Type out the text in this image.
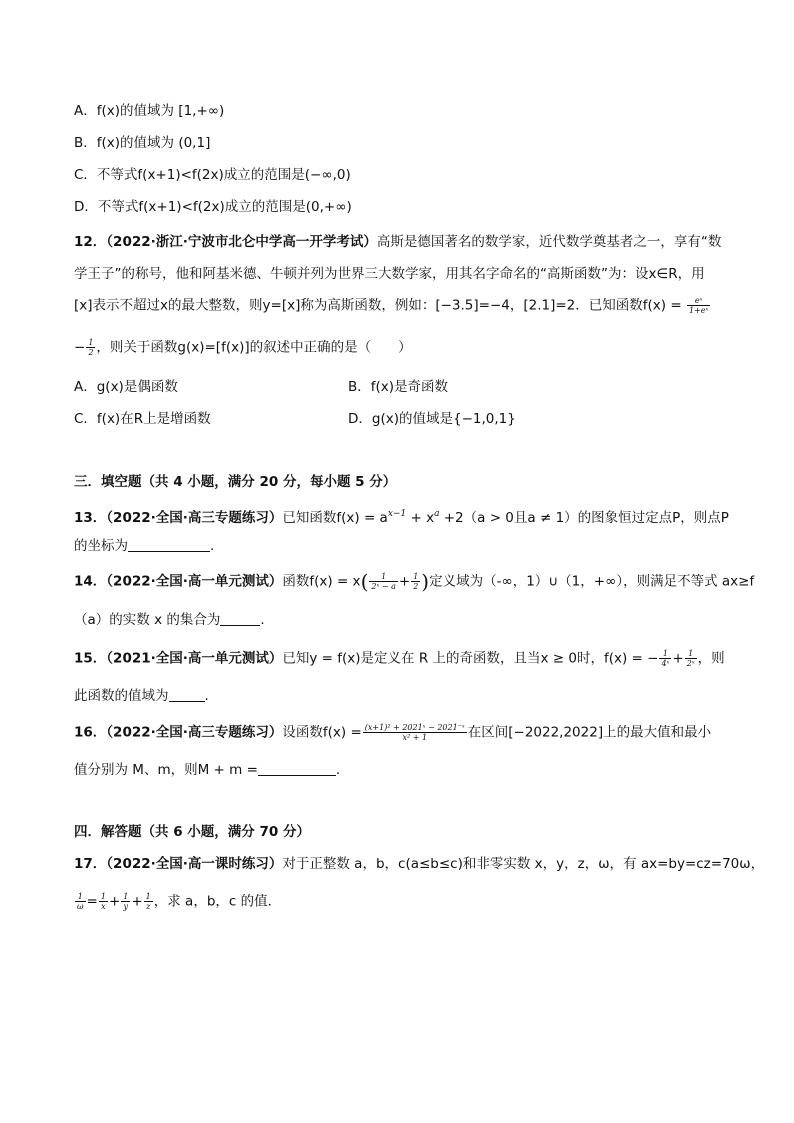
A．f(x)的值域为 [1,+∞)
B．f(x)的值域为 (0,1]
C．不等式f(x+1)<f(2x)成立的范围是(−∞,0)
D．不等式f(x+1)<f(2x)成立的范围是(0,+∞)
12．（2022·浙江·宁波市北仑中学高一开学考试）高斯是德国著名的数学家，近代数学奠基者之一，享有“数
学王子”的称号，他和阿基米德、牛顿并列为世界三大数学家，用其名字命名的“高斯函数”为：设x∈R，用
[x]表示不超过x的最大整数，则y=[x]称为高斯函数，例如：[−3.5]=−4，[2.1]=2．已知函数$f(x) = \frac{\text{eˣ}}{\text{1+eˣ}}$
− $\frac{1}{2}$ ，则关于函数g(x)=[f(x)]的叙述中正确的是（　　）
A．g(x)是偶函数	B．f(x)是奇函数
C．f(x)在R上是增函数	D．g(x)的值域是{−1,0,1}
三．填空题（共 4 小题，满分 20 分，每小题 5 分）
13．（2022·全国·高三专题练习）已知函数$f(x) = a^{x-1} + x^a +2(a > 0$且a ≠ 1）的图象恒过定点P，则点P
的坐标为	.
14．（2022·全国·高一单元测试）函数$f(x) = x( \frac{1}{\text{2ˣ − a}} + \frac{1}{2}$ )定义域为（-∞，1）∪（1，+∞），则满足不等式 ax≥f
（a）的实数 x 的集合为	.
15．（2021·全国·高一单元测试）已知y = f(x)是定义在 R 上的奇函数，且当x ≥ 0时，f(x) = − $\frac{1}{\text{4ˣ}} + \frac{1}{\text{2ˣ}}$ ，则
此函数的值域为	.
16．（2022·全国·高三专题练习）设函数$f(x) = \frac{\text{(x+1)² + 2021ˣ − 2021⁻ˣ}}{\text{x² + 1}}$ 在区间[−2022,2022]上的最大值和最小
值分别为 M、m，则M + m =	.
四．解答题（共 6 小题，满分 70 分）
17．（2022·全国·高一课时练习）对于正整数 a，b，c(a≤b≤c)和非零实数 x，y，z，ω，有 ax=by=cz=70ω，
$\frac{1}{\omega} = \frac{1}{x} + \frac{1}{y} + \frac{1}{z}$ ，求 a，b，c 的值．
